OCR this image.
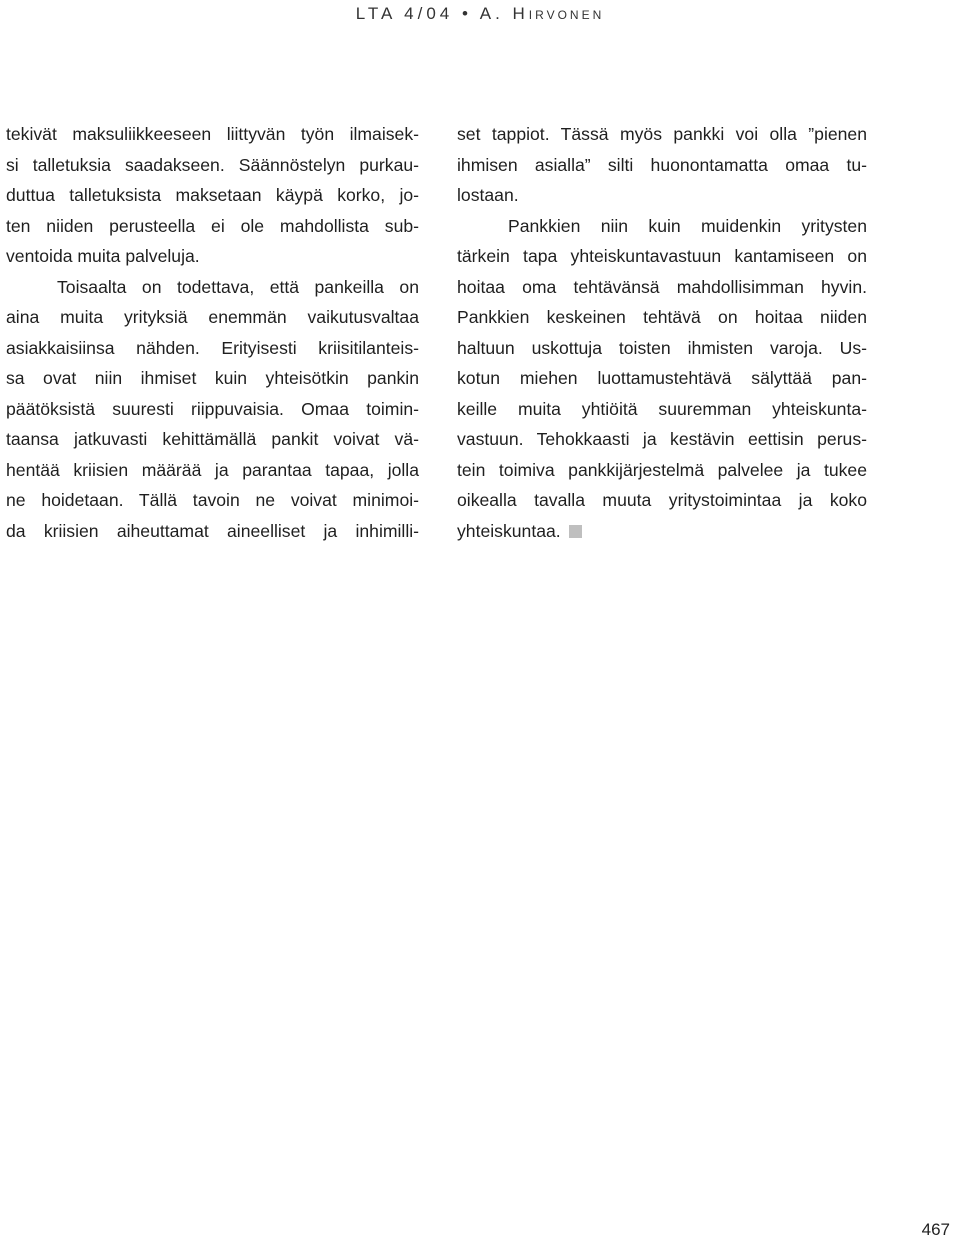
LTA 4/04 • A. HIRVONEN
tekivät maksuliikkeeseen liittyvän työn ilmaisek-
si talletuksia saadakseen. Säännöstelyn purkau-
duttua talletuksista maksetaan käypä korko, jo-
ten niiden perusteella ei ole mahdollista sub-
ventoida muita palveluja.
Toisaalta on todettava, että pankeilla on
aina muita yrityksiä enemmän vaikutusvaltaa
asiakkaisiinsa nähden. Erityisesti kriisitilanteis-
sa ovat niin ihmiset kuin yhteisötkin pankin
päätöksistä suuresti riippuvaisia. Omaa toimin-
taansa jatkuvasti kehittämällä pankit voivat vä-
hentää kriisien määrää ja parantaa tapaa, jolla
ne hoidetaan. Tällä tavoin ne voivat minimoi-
da kriisien aiheuttamat aineelliset ja inhimilli-
set tappiot. Tässä myös pankki voi olla ”pienen
ihmisen asialla” silti huonontamatta omaa tu-
lostaan.
Pankkien niin kuin muidenkin yritysten
tärkein tapa yhteiskuntavastuun kantamiseen on
hoitaa oma tehtävänsä mahdollisimman hyvin.
Pankkien keskeinen tehtävä on hoitaa niiden
haltuun uskottuja toisten ihmisten varoja. Us-
kotun miehen luottamustehtävä sälyttää pan-
keille muita yhtiöitä suuremman yhteiskunta-
vastuun. Tehokkaasti ja kestävin eettisin perus-
tein toimiva pankkijärjestelmä palvelee ja tukee
oikealla tavalla muuta yritystoimintaa ja koko
yhteiskuntaa.
467
